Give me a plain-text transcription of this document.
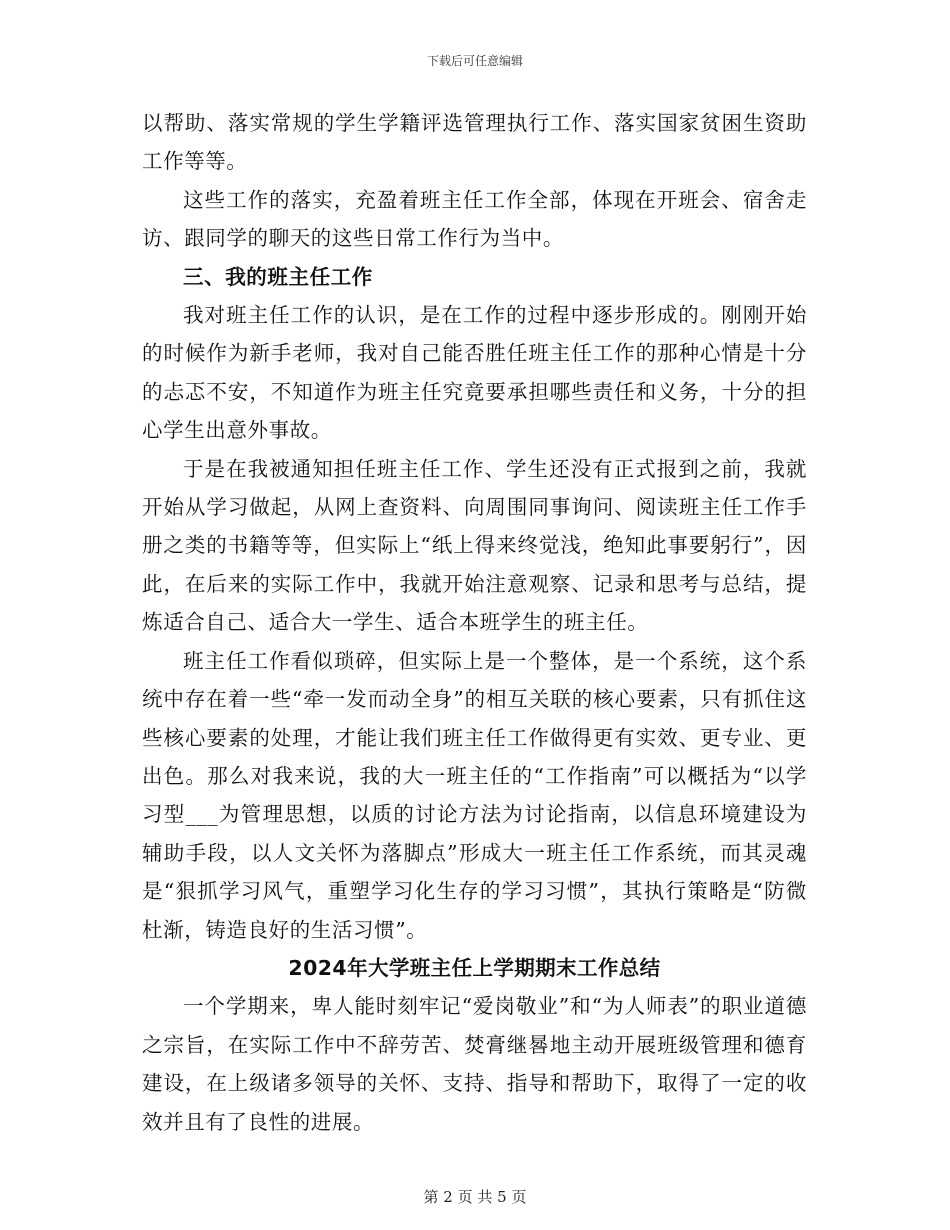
下载后可任意编辑

以帮助、落实常规的学生学籍评选管理执行工作、落实国家贫困生资助工作等等。

这些工作的落实，充盈着班主任工作全部，体现在开班会、宿舍走访、跟同学的聊天的这些日常工作行为当中。

三、我的班主任工作

我对班主任工作的认识，是在工作的过程中逐步形成的。刚刚开始的时候作为新手老师，我对自己能否胜任班主任工作的那种心情是十分的忐忑不安，不知道作为班主任究竟要承担哪些责任和义务，十分的担心学生出意外事故。

于是在我被通知担任班主任工作、学生还没有正式报到之前，我就开始从学习做起，从网上查资料、向周围同事询问、阅读班主任工作手册之类的书籍等等，但实际上“纸上得来终觉浅，绝知此事要躬行”，因此，在后来的实际工作中，我就开始注意观察、记录和思考与总结，提炼适合自己、适合大一学生、适合本班学生的班主任。

班主任工作看似琐碎，但实际上是一个整体，是一个系统，这个系统中存在着一些“牵一发而动全身”的相互关联的核心要素，只有抓住这些核心要素的处理，才能让我们班主任工作做得更有实效、更专业、更出色。那么对我来说，我的大一班主任的“工作指南”可以概括为“以学习型___为管理思想，以质的讨论方法为讨论指南，以信息环境建设为辅助手段，以人文关怀为落脚点”形成大一班主任工作系统，而其灵魂是“狠抓学习风气，重塑学习化生存的学习习惯”，其执行策略是“防微杜渐，铸造良好的生活习惯”。

2024年大学班主任上学期期末工作总结

一个学期来，卑人能时刻牢记“爱岗敬业”和“为人师表”的职业道德之宗旨，在实际工作中不辞劳苦、焚膏继晷地主动开展班级管理和德育建设，在上级诸多领导的关怀、支持、指导和帮助下，取得了一定的收效并且有了良性的进展。

第 2 页 共 5 页
